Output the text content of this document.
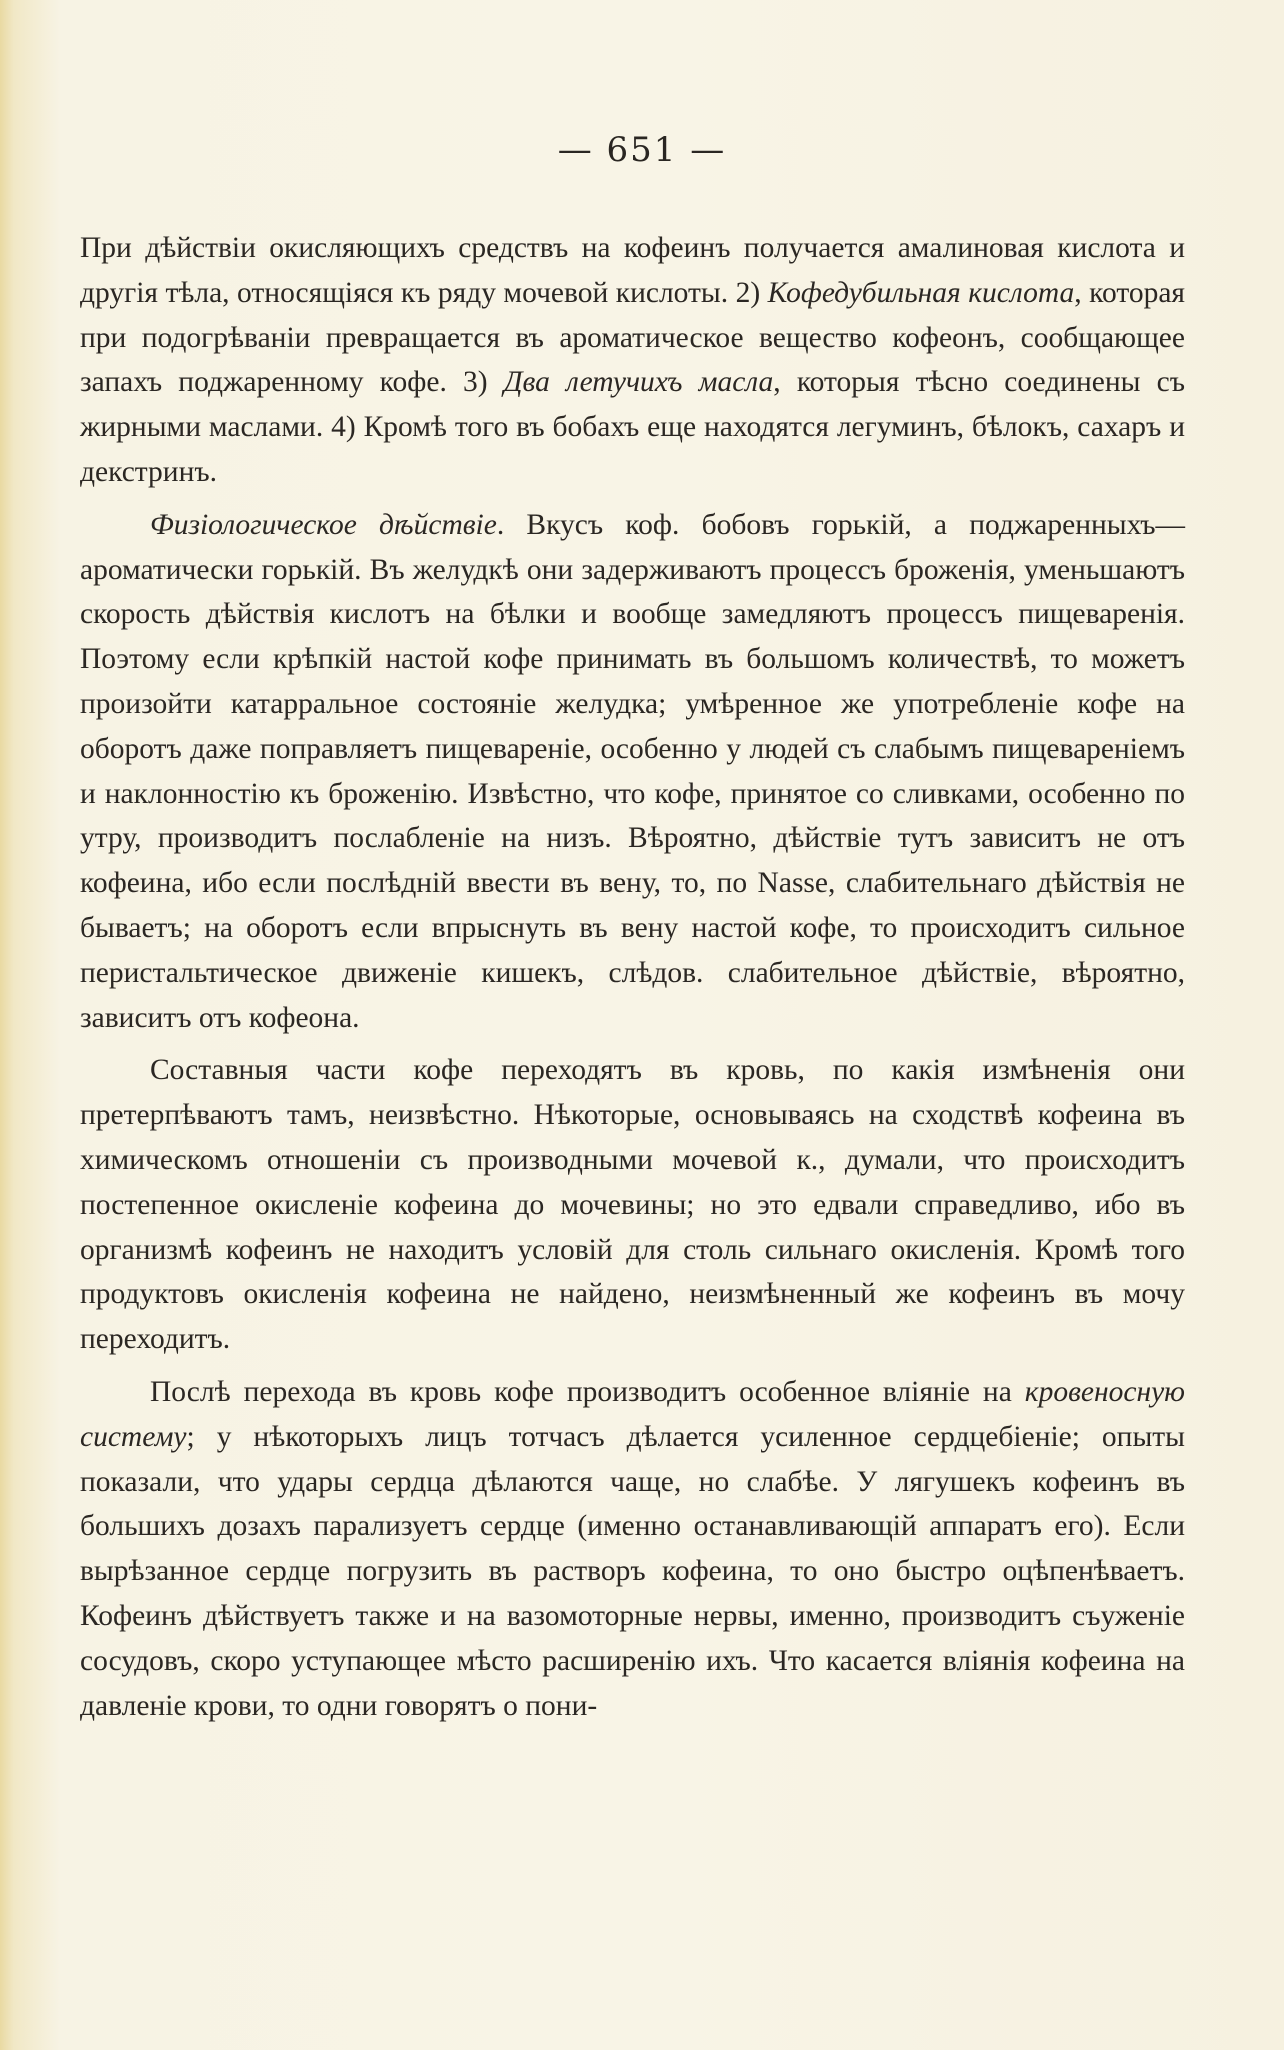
— 651 —

При дѣйствіи окисляющихъ средствъ на кофеинъ получается амалиновая кислота и другія тѣла, относящіяся къ ряду мочевой кислоты. 2) Кофедубильная кислота, которая при подогрѣваніи превращается въ ароматическое вещество кофеонъ, сообщающее запахъ поджаренному кофе. 3) Два летучихъ масла, которыя тѣсно соединены съ жирными маслами. 4) Кромѣ того въ бобахъ еще находятся легуминъ, бѣлокъ, сахаръ и декстринъ.

Физіологическое дѣйствіе. Вкусъ коф. бобовъ горькій, а поджаренныхъ—ароматически горькій. Въ желудкѣ они задерживаютъ процессъ броженія, уменьшаютъ скорость дѣйствія кислотъ на бѣлки и вообще замедляютъ процессъ пищеваренія. Поэтому если крѣпкій настой кофе принимать въ большомъ количествѣ, то можетъ произойти катарральное состояніе желудка; умѣренное же употребленіе кофе на оборотъ даже поправляетъ пищевареніе, особенно у людей съ слабымъ пищевареніемъ и наклонностію къ броженію. Извѣстно, что кофе, принятое со сливками, особенно по утру, производитъ послабленіе на низъ. Вѣроятно, дѣйствіе тутъ зависитъ не отъ кофеина, ибо если послѣдній ввести въ вену, то, по Nasse, слабительнаго дѣйствія не бываетъ; на оборотъ если впрыснуть въ вену настой кофе, то происходитъ сильное перистальтическое движеніе кишекъ, слѣдов. слабительное дѣйствіе, вѣроятно, зависитъ отъ кофеона.

Составныя части кофе переходятъ въ кровь, по какія измѣненія они претерпѣваютъ тамъ, неизвѣстно. Нѣкоторые, основываясь на сходствѣ кофеина въ химическомъ отношеніи съ производными мочевой к., думали, что происходитъ постепенное окисленіе кофеина до мочевины; но это едвали справедливо, ибо въ организмѣ кофеинъ не находитъ условій для столь сильнаго окисленія. Кромѣ того продуктовъ окисленія кофеина не найдено, неизмѣненный же кофеинъ въ мочу переходитъ.

Послѣ перехода въ кровь кофе производитъ особенное вліяніе на кровеносную систему; у нѣкоторыхъ лицъ тотчасъ дѣлается усиленное сердцебіеніе; опыты показали, что удары сердца дѣлаются чаще, но слабѣе. У лягушекъ кофеинъ въ большихъ дозахъ парализуетъ сердце (именно останавливающій аппаратъ его). Если вырѣзанное сердце погрузить въ растворъ кофеина, то оно быстро оцѣпенѣваетъ. Кофеинъ дѣйствуетъ также и на вазомоторные нервы, именно, производитъ съуженіе сосудовъ, скоро уступающее мѣсто расширенію ихъ. Что касается вліянія кофеина на давленіе крови, то одни говорятъ о пони-
